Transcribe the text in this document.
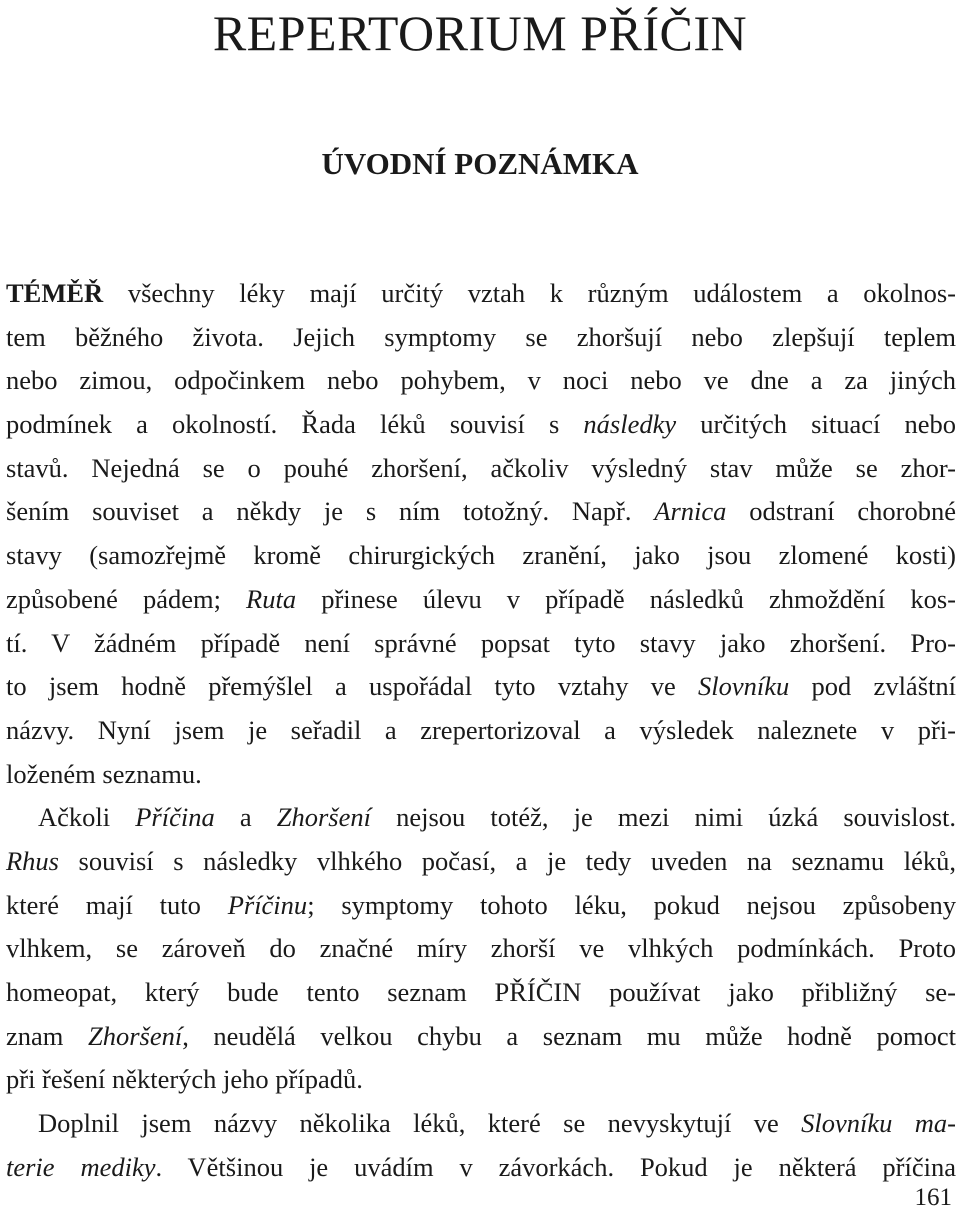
REPERTORIUM PŘÍČIN
ÚVODNÍ POZNÁMKA
TÉMĚŘ všechny léky mají určitý vztah k různým událostem a okolnos-
tem běžného života. Jejich symptomy se zhoršují nebo zlepšují teplem
nebo zimou, odpočinkem nebo pohybem, v noci nebo ve dne a za jiných
podmínek a okolností. Řada léků souvisí s následky určitých situací nebo
stavů. Nejedná se o pouhé zhoršení, ačkoliv výsledný stav může se zhor-
šením souviset a někdy je s ním totožný. Např. Arnica odstraní chorobné
stavy (samozřejmě kromě chirurgických zranění, jako jsou zlomené kosti)
způsobené pádem; Ruta přinese úlevu v případě následků zhmoždění kos-
tí. V žádném případě není správné popsat tyto stavy jako zhoršení. Pro-
to jsem hodně přemýšlel a uspořádal tyto vztahy ve Slovníku pod zvláštní
názvy. Nyní jsem je seřadil a zrepertorizoval a výsledek naleznete v při-
loženém seznamu.
Ačkoli Příčina a Zhoršení nejsou totéž, je mezi nimi úzká souvislost.
Rhus souvisí s následky vlhkého počasí, a je tedy uveden na seznamu léků,
které mají tuto Příčinu; symptomy tohoto léku, pokud nejsou způsobeny
vlhkem, se zároveň do značné míry zhorší ve vlhkých podmínkách. Proto
homeopat, který bude tento seznam PŘÍČIN používat jako přibližný se-
znam Zhoršení, neudělá velkou chybu a seznam mu může hodně pomoct
při řešení některých jeho případů.
Doplnil jsem názvy několika léků, které se nevyskytují ve Slovníku ma-
terie mediky. Většinou je uvádím v závorkách. Pokud je některá příčina
161
